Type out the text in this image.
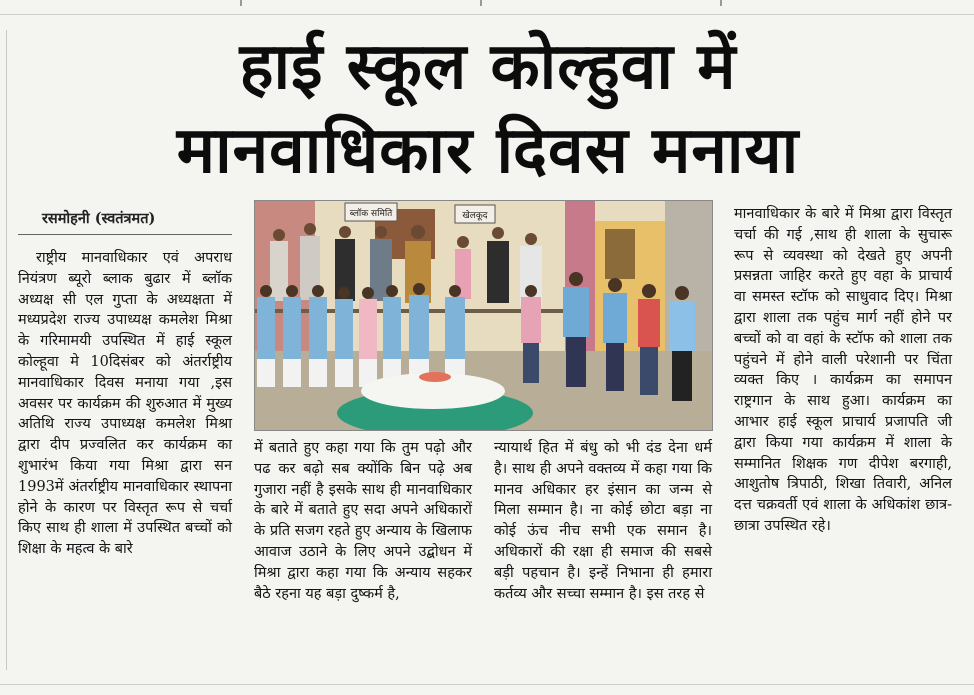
हाई स्कूल कोल्हुवा में
मानवाधिकार दिवस मनाया
रसमोहनी (स्वतंत्रमत)

राष्ट्रीय मानवाधिकार एवं अपराध नियंत्रण ब्यूरो ब्लाक बुढार में ब्लॉक अध्यक्ष सी एल गुप्ता के अध्यक्षता में मध्यप्रदेश राज्य उपाध्यक्ष कमलेश मिश्रा के गरिमामयी उपस्थित में हाई स्कूल कोल्हूवा मे 10दिसंबर को अंतर्राष्ट्रीय मानवाधिकार दिवस मनाया गया ,इस अवसर पर कार्यक्रम की शुरुआत में मुख्य अतिथि राज्य उपाध्यक्ष कमलेश मिश्रा द्वारा दीप प्रज्वलित कर कार्यक्रम का शुभारंभ किया गया मिश्रा द्वारा सन 1993में अंतर्राष्ट्रीय मानवाधिकार स्थापना होने के कारण पर विस्तृत रूप से चर्चा किए साथ ही शाला में उपस्थित बच्चों को शिक्षा के महत्व के बारे

में बताते हुए कहा गया कि तुम पढ़ो और पढ कर बढ़ो सब क्योंकि बिन पढ़े अब गुजारा नहीं है इसके साथ ही मानवाधिकार के बारे में बताते हुए सदा अपने अधिकारों के प्रति सजग रहते हुए अन्याय के खिलाफ आवाज उठाने के लिए अपने उद्बोधन में मिश्रा द्वारा कहा गया कि अन्याय सहकर बैठे रहना यह बड़ा दुष्कर्म है,

न्यायार्थ हित में बंधु को भी दंड देना धर्म है। साथ ही अपने वक्तव्य में कहा गया कि मानव अधिकार हर इंसान का जन्म से मिला सम्मान है। ना कोई छोटा बड़ा ना कोई ऊंच नीच सभी एक समान है। अधिकारों की रक्षा ही समाज की सबसे बड़ी पहचान है। इन्हें निभाना ही हमारा कर्तव्य और सच्चा सम्मान है। इस तरह से

मानवाधिकार के बारे में मिश्रा द्वारा विस्तृत चर्चा की गई ,साथ ही शाला के सुचारू रूप से व्यवस्था को देखते हुए अपनी प्रसन्नता जाहिर करते हुए वहा के प्राचार्य वा समस्त स्टॉफ को साधुवाद दिए। मिश्रा द्वारा शाला तक पहुंच मार्ग नहीं होने पर बच्चों को वा वहां के स्टॉफ को शाला तक पहुंचने में होने वाली परेशानी पर चिंता व्यक्त किए । कार्यक्रम का समापन राष्ट्रगान के साथ हुआ। कार्यक्रम का आभार हाई स्कूल प्राचार्य प्रजापति जी द्वारा किया गया कार्यक्रम में शाला के सम्मानित शिक्षक गण दीपेश बरगाही, आशुतोष त्रिपाठी, शिखा तिवारी, अनिल दत्त चक्रवर्ती एवं शाला के अधिकांश छात्र-छात्रा उपस्थित रहे।

ब्लॉक समिति	खेलकूद
